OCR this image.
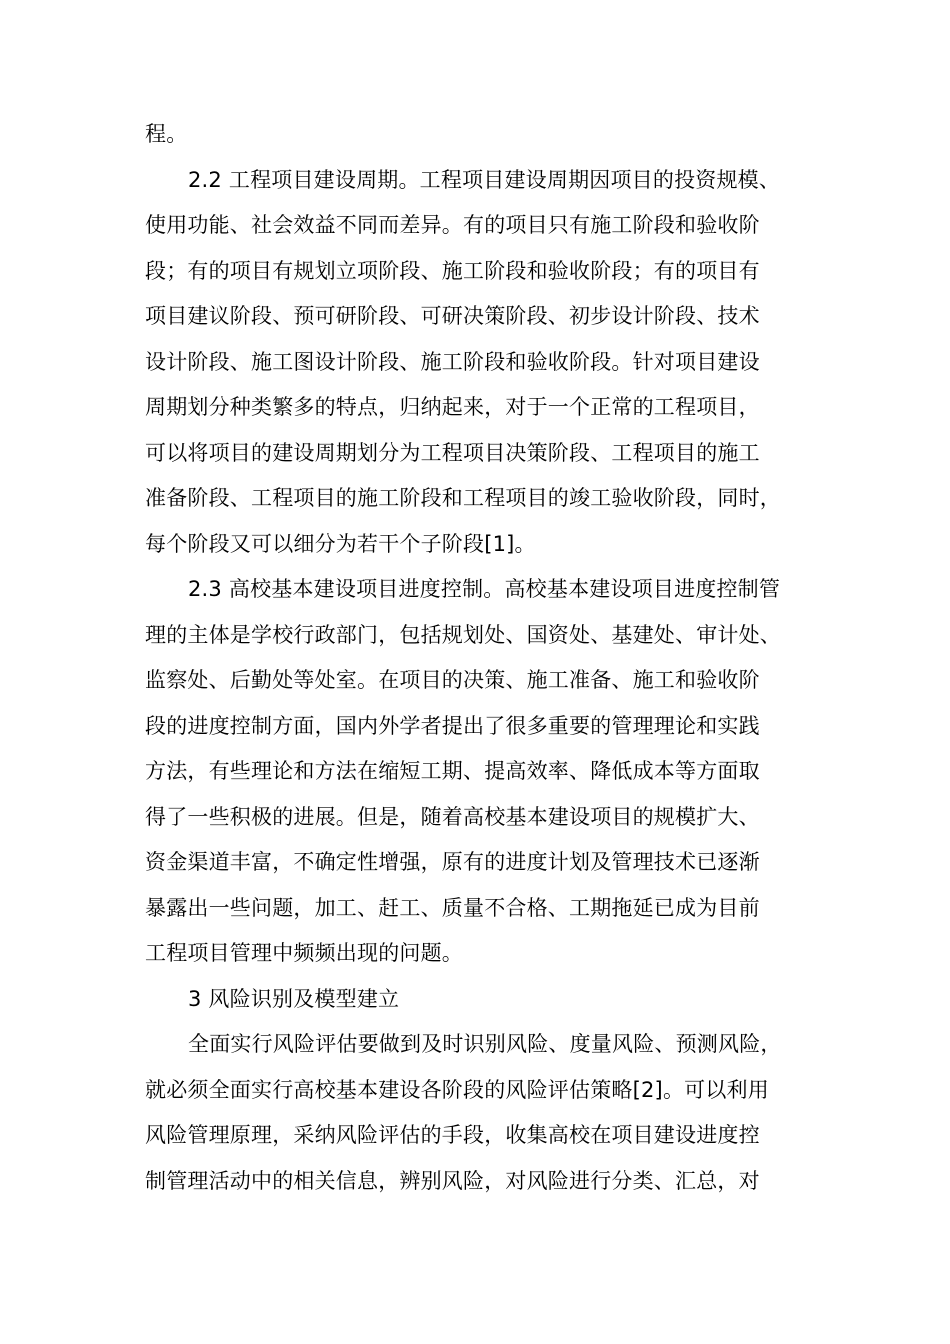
程。
2.2 工程项目建设周期。工程项目建设周期因项目的投资规模、
使用功能、社会效益不同而差异。有的项目只有施工阶段和验收阶
段；有的项目有规划立项阶段、施工阶段和验收阶段；有的项目有
项目建议阶段、预可研阶段、可研决策阶段、初步设计阶段、技术
设计阶段、施工图设计阶段、施工阶段和验收阶段。针对项目建设
周期划分种类繁多的特点，归纳起来，对于一个正常的工程项目，
可以将项目的建设周期划分为工程项目决策阶段、工程项目的施工
准备阶段、工程项目的施工阶段和工程项目的竣工验收阶段，同时，
每个阶段又可以细分为若干个子阶段[1]。
2.3 高校基本建设项目进度控制。高校基本建设项目进度控制管
理的主体是学校行政部门，包括规划处、国资处、基建处、审计处、
监察处、后勤处等处室。在项目的决策、施工准备、施工和验收阶
段的进度控制方面，国内外学者提出了很多重要的管理理论和实践
方法，有些理论和方法在缩短工期、提高效率、降低成本等方面取
得了一些积极的进展。但是，随着高校基本建设项目的规模扩大、
资金渠道丰富，不确定性增强，原有的进度计划及管理技术已逐渐
暴露出一些问题，加工、赶工、质量不合格、工期拖延已成为目前
工程项目管理中频频出现的问题。
3 风险识别及模型建立
全面实行风险评估要做到及时识别风险、度量风险、预测风险，
就必须全面实行高校基本建设各阶段的风险评估策略[2]。可以利用
风险管理原理，采纳风险评估的手段，收集高校在项目建设进度控
制管理活动中的相关信息，辨别风险，对风险进行分类、汇总，对
